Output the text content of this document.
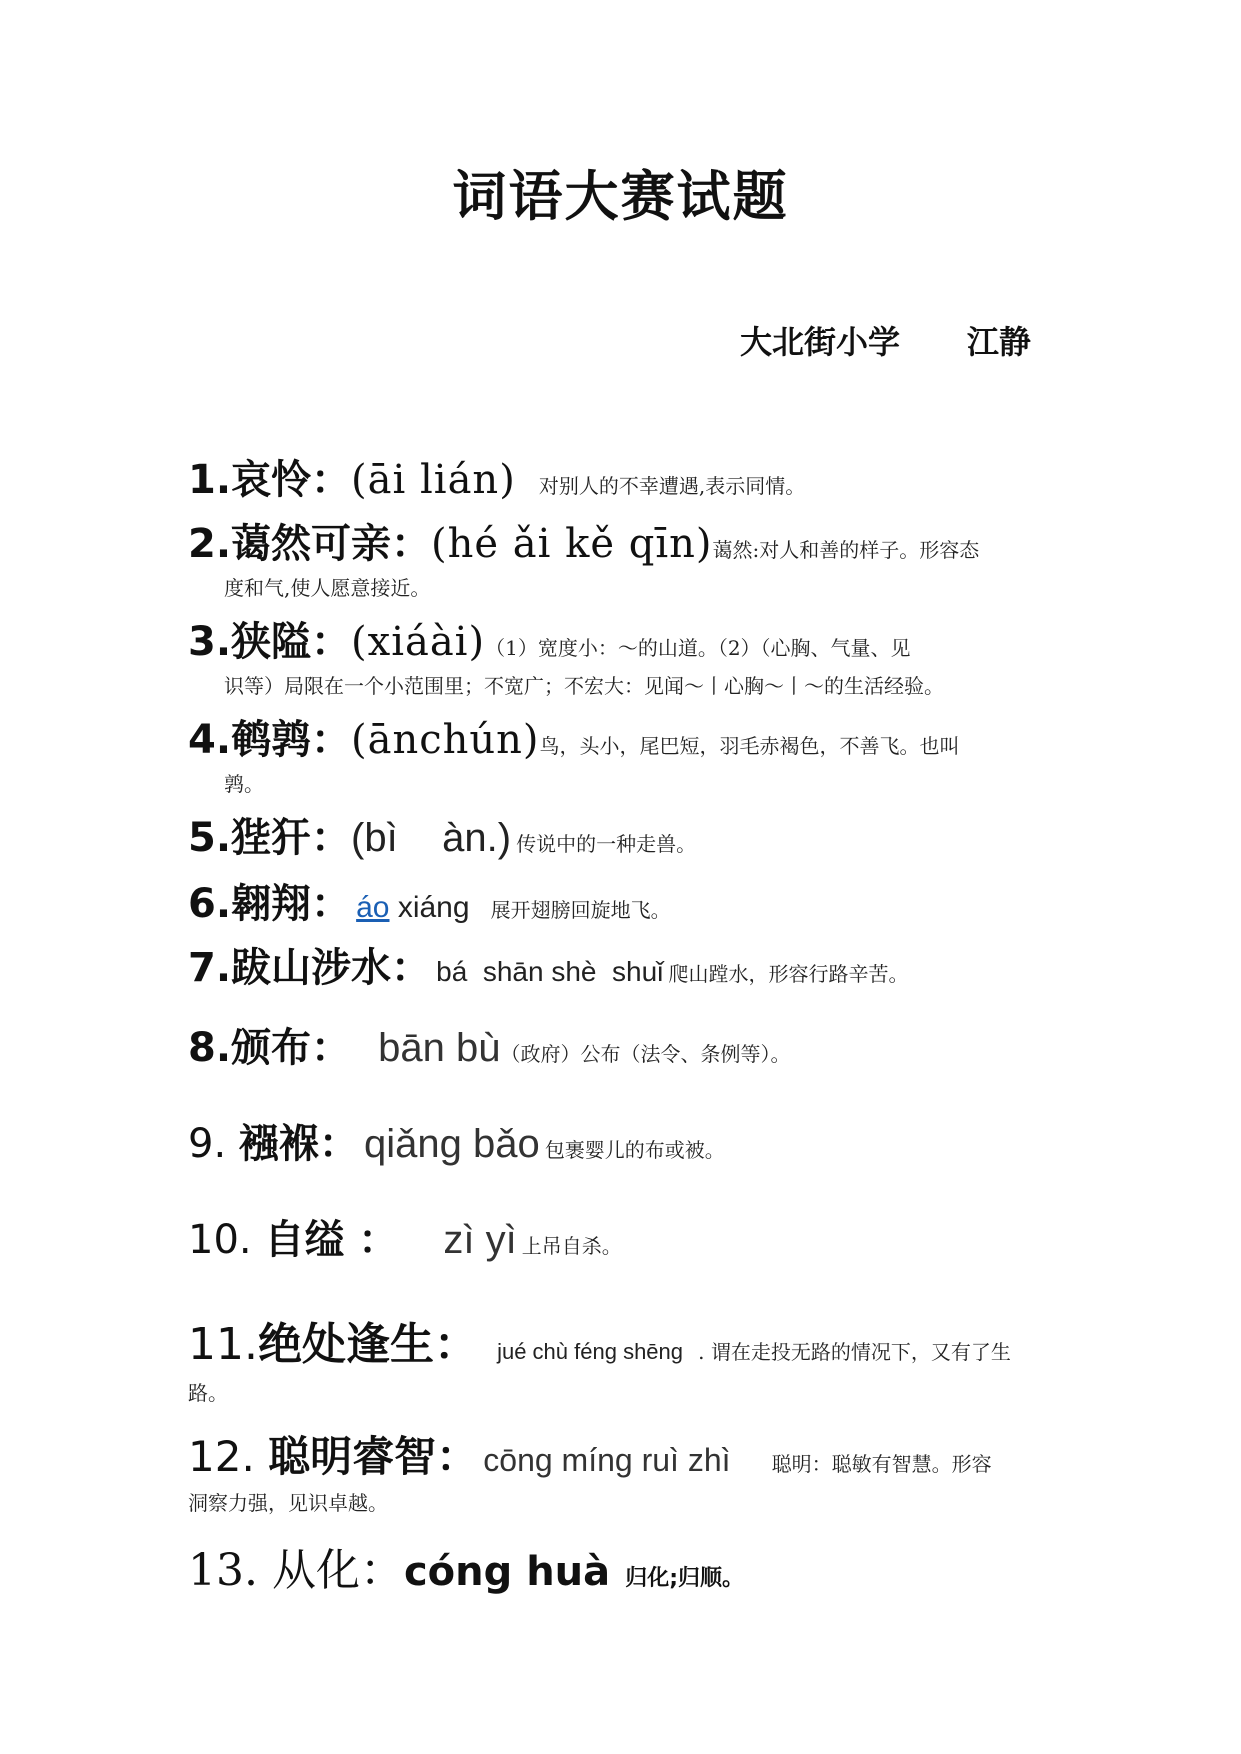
词语大赛试题
大北街小学 江静
1.哀怜：(āi lián) 对别人的不幸遭遇,表示同情。
2.蔼然可亲：(hé ǎi kě qīn)蔼然:对人和善的样子。形容态
度和气,使人愿意接近。
3.狭隘：(xiáài)（1）宽度小：～的山道。（2）（心胸、气量、见
识等）局限在一个小范围里；不宽广；不宏大：见闻～丨心胸～丨～的生活经验。
4.鹌鹑：(ānchún)鸟，头小，尾巴短，羽毛赤褐色，不善飞。也叫
鹑。
5.狴犴：(bì    àn.) 传说中的一种走兽。
6.翱翔： áo xiáng 展开翅膀回旋地飞。
7.跋山涉水： bá  shān shè  shuǐ 爬山蹚水，形容行路辛苦。
8.颁布： bān bù（政府）公布（法令、条例等）。
9. 襁褓： qiǎng bǎo 包裹婴儿的布或被。
10. 自缢 ： zì yì 上吊自杀。
11.绝处逢生： jué chù féng shēng . 谓在走投无路的情况下，又有了生
路。
12. 聪明睿智： cōng míng ruì zhì 聪明：聪敏有智慧。形容
洞察力强，见识卓越。
13. 从化：cóng huà 归化;归顺。
